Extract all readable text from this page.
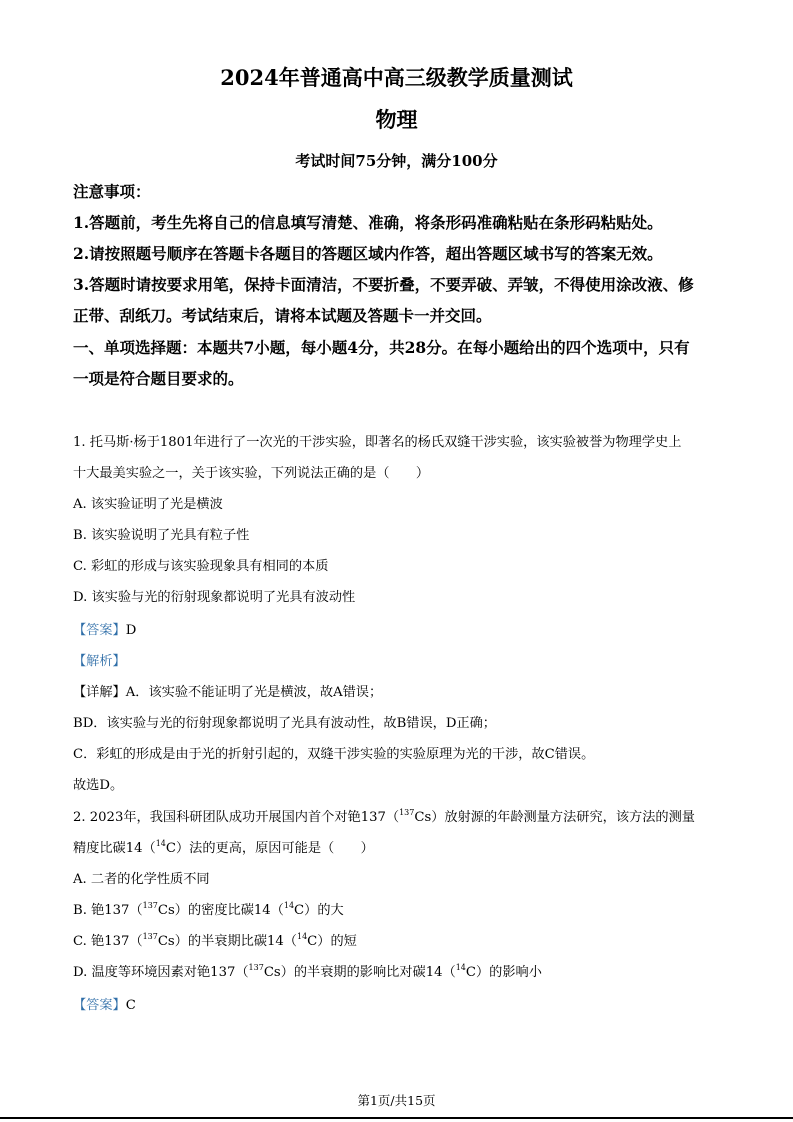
2024年普通高中高三级教学质量测试
物理
考试时间75分钟，满分100分
注意事项：
1.答题前，考生先将自己的信息填写清楚、准确，将条形码准确粘贴在条形码粘贴处。
2.请按照题号顺序在答题卡各题目的答题区域内作答，超出答题区域书写的答案无效。
3.答题时请按要求用笔，保持卡面清洁，不要折叠，不要弄破、弄皱，不得使用涂改液、修
正带、刮纸刀。考试结束后，请将本试题及答题卡一并交回。
一、单项选择题：本题共7小题，每小题4分，共28分。在每小题给出的四个选项中，只有
一项是符合题目要求的。
1. 托马斯·杨于1801年进行了一次光的干涉实验，即著名的杨氏双缝干涉实验，该实验被誉为物理学史上
十大最美实验之一，关于该实验，下列说法正确的是（　　）
A. 该实验证明了光是横波
B. 该实验说明了光具有粒子性
C. 彩虹的形成与该实验现象具有相同的本质
D. 该实验与光的衍射现象都说明了光具有波动性
【答案】D
【解析】
【详解】A．该实验不能证明了光是横波，故A错误；
BD．该实验与光的衍射现象都说明了光具有波动性，故B错误，D正确；
C．彩虹的形成是由于光的折射引起的，双缝干涉实验的实验原理为光的干涉，故C错误。
故选D。
2. 2023年，我国科研团队成功开展国内首个对铯137（$^{137}$Cs）放射源的年龄测量方法研究，该方法的测量
精度比碳14（$^{14}$C）法的更高，原因可能是（　　）
A. 二者的化学性质不同
B. 铯137（$^{137}$Cs）的密度比碳14（$^{14}$C）的大
C. 铯137（$^{137}$Cs）的半衰期比碳14（$^{14}$C）的短
D. 温度等环境因素对铯137（$^{137}$Cs）的半衰期的影响比对碳14（$^{14}$C）的影响小
【答案】C
第1页/共15页
